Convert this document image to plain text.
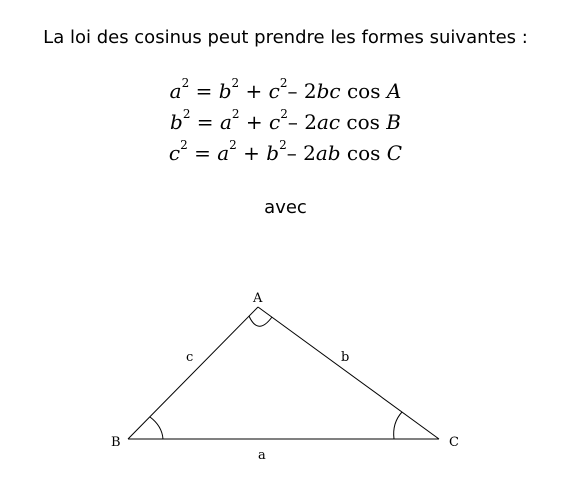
La loi des cosinus peut prendre les formes suivantes :
$a^2 = b^2 + c^2-$ 2bc cos A
$b^2 = a^2 + c^2-$ 2ac cos B
$c^2 = a^2 + b^2-$ 2ab cos C
avec
A
B	C
a
b
c
